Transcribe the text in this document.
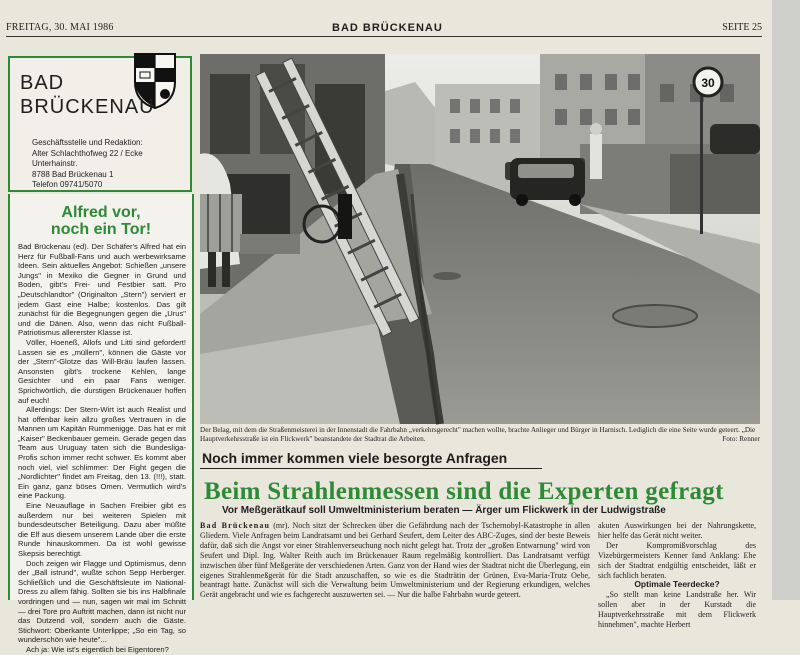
FREITAG, 30. MAI 1986	BAD BRÜCKENAU	SEITE 25
BAD
BRÜCKENAU
Geschäftsstelle und Redaktion:
Alter Schlachthofweg 22 / Ecke Unterhainstr.
8788 Bad Brückenau 1
Telefon 09741/5070
Alfred vor,
noch ein Tor!

Bad Brückenau (ed). Der Schäfer's Alfred hat ein Herz für Fußball-Fans und auch werbewirksame Ideen. Sein aktuelles Angebot: Schießen „unsere Jungs" in Mexiko die Gegner in Grund und Boden, gibt's Frei- und Festbier satt. Pro „Deutschlandtor" (Originalton „Stern") serviert er jedem Gast eine Halbe; kostenlos. Das gilt zunächst für die Begegnungen gegen die „Urus" und die Dänen. Also, wenn das nicht Fußball-Patriotismus allererster Klasse ist.

Völler, Hoeneß, Allofs und Litti sind gefordert! Lassen sie es „müllern", können die Gäste vor der „Stern"-Glotze das Will-Bräu laufen lassen. Ansonsten gibt's trockene Kehlen, lange Gesichter und ein paar Fans weniger. Sprichwörtlich, die durstigen Brückenauer hoffen auf euch!

Allerdings: Der Stern-Wirt ist auch Realist und hat offenbar kein allzu großes Vertrauen in die Mannen um Kapitän Rummenigge. Das hat er mit „Kaiser" Beckenbauer gemein. Gerade gegen das Team aus Uruguay taten sich die Bundesliga-Profis schon immer recht schwer. Es kommt aber noch viel, viel schlimmer: Der Fight gegen die „Nordlichter" findet am Freitag, den 13. (!!!), statt. Ein ganz, ganz böses Omen. Vermutlich wird's eine Packung.

Eine Neuauflage in Sachen Freibier gibt es außerdem nur bei weiteren Spielen mit bundesdeutscher Beteiligung. Dazu aber müßte die Elf aus diesem unserem Lande über die erste Runde hinauskommen. Da ist wohl gewisse Skepsis berechtigt.

Doch zeigen wir Flagge und Optimismus, denn der „Ball istrund", wußte schon Sepp Herberger. Schließlich und die Geschäftsleute im National-Dress zu allem fähig. Sollten sie bis ins Halbfinale vordringen und — nun, sagen wir mal im Schnitt — drei Tore pro Auftritt machen, dann ist nicht nur das Dutzend voll, sondern auch die Gäste. Stichwort: Oberkante Unterlippe; „So ein Tag, so wunderschön wie heute"...

Ach ja: Wie ist's eigentlich bei Eigentoren?

30
Der Belag, mit dem die Straßenmeisterei in der Innenstadt die Fahrbahn „verkehrsgerecht" machen wollte, brachte Anlieger und Bürger in Harnisch. Lediglich die eine Seite wurde geteert. „Die Hauptverkehrsstraße ist ein Flickwerk" beanstandete der Stadtrat die Arbeiten.	Foto: Renner
Noch immer kommen viele besorgte Anfragen
Beim Strahlenmessen sind die Experten gefragt
Vor Meßgerätkauf soll Umweltministerium beraten — Ärger um Flickwerk in der Ludwigstraße

Bad Brückenau (mr). Noch sitzt der Schrecken über die Gefährdung nach der Tschernobyl-Katastrophe in allen Gliedern. Viele Anfragen beim Landratsamt und bei Gerhard Seufert, dem Leiter des ABC-Zuges, sind der beste Beweis dafür, daß sich die Angst vor einer Strahlenverseuchung noch nicht gelegt hat. Trotz der „großen Entwarnung" wird von Seufert und Dipl. Ing. Walter Reith auch im Brückenauer Raum regelmäßig kontrolliert. Das Landratsamt verfügt inzwischen über fünf Meßgeräte der verschiedenen Arten. Ganz von der Hand wies der Stadtrat nicht die Überlegung, ein eigenes Strahlenmeßgerät für die Stadt anzuschaffen, so wie es die Stadträtin der Grünen, Eva-Maria-Trutz Oebe, beantragt hatte. Zunächst will sich die Verwaltung beim Umweltministerium und der Regierung erkundigen, welches Gerät angebracht und wie es fachgerecht auszuwerten sei. — Nur die halbe Fahrbahn wurde geteert.

akuten Auswirkungen bei der Nahrungskette, hier helfe das Gerät nicht weiter.

Der Kompromißvorschlag des Vizebürgermeisters Kenner fand Anklang: Ehe sich der Stadtrat endgültig entscheidet, läßt er sich fachlich beraten.

Optimale Teerdecke?

„So stellt man keine Landstraße her. Wir sollen aber in der Kurstadt die Hauptverkehrsstraße mit dem Flickwerk hinnehmen", machte Herbert
